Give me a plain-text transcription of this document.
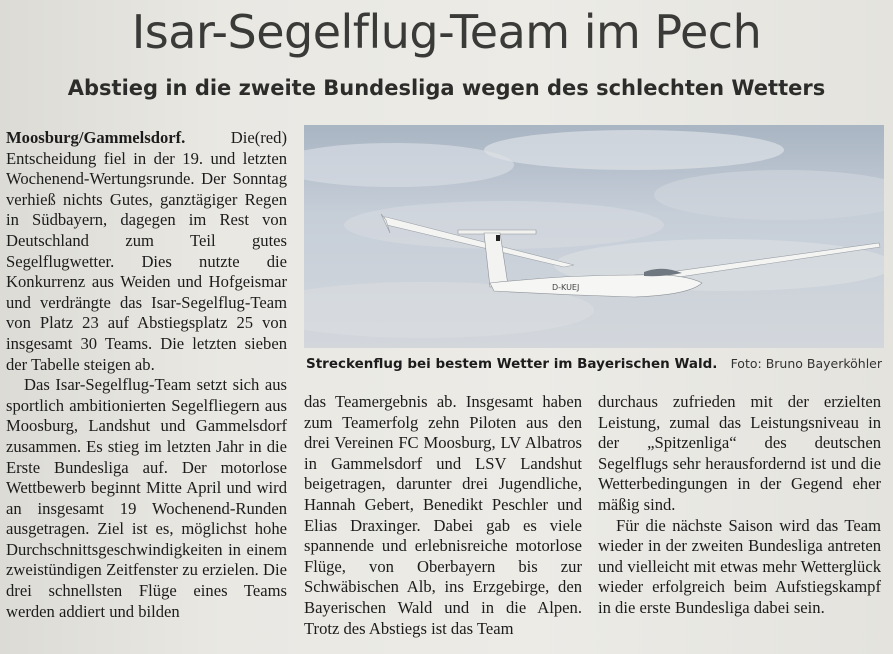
Isar-Segelflug-Team im Pech
Abstieg in die zweite Bundesliga wegen des schlechten Wetters

Moosburg/Gammelsdorf.	(red)
Die Entscheidung fiel in der 19. und letzten Wochenend-Wertungsrunde. Der Sonntag verhieß nichts Gutes, ganztägiger Regen in Südbayern, dagegen im Rest von Deutschland zum Teil gutes Segelflugwetter. Dies nutzte die Konkurrenz aus Weiden und Hofgeismar und verdrängte das Isar-Segelflug-Team von Platz 23 auf Abstiegsplatz 25 von insgesamt 30 Teams. Die letzten sieben der Tabelle steigen ab.

Das Isar-Segelflug-Team setzt sich aus sportlich ambitionierten Segelfliegern aus Moosburg, Landshut und Gammelsdorf zusammen. Es stieg im letzten Jahr in die Erste Bundesliga auf. Der motorlose Wettbewerb beginnt Mitte April und wird an insgesamt 19 Wochenend-Runden ausgetragen. Ziel ist es, möglichst hohe Durchschnittsgeschwindigkeiten in einem zweistündigen Zeitfenster zu erzielen. Die drei schnellsten Flüge eines Teams werden addiert und bilden

D-KUEJ
Streckenflug bei bestem Wetter im Bayerischen Wald. Foto: Bruno Bayerköhler

das Teamergebnis ab. Insgesamt haben zum Teamerfolg zehn Piloten aus den drei Vereinen FC Moosburg, LV Albatros in Gammelsdorf und LSV Landshut beigetragen, darunter drei Jugendliche, Hannah Gebert, Benedikt Peschler und Elias Draxinger. Dabei gab es viele spannende und erlebnisreiche motorlose Flüge, von Oberbayern bis zur Schwäbischen Alb, ins Erzgebirge, den Bayerischen Wald und in die Alpen. Trotz des Abstiegs ist das Team

durchaus zufrieden mit der erzielten Leistung, zumal das Leistungsniveau in der „Spitzenliga“ des deutschen Segelflugs sehr herausfordernd ist und die Wetterbedingungen in der Gegend eher mäßig sind.

Für die nächste Saison wird das Team wieder in der zweiten Bundesliga antreten und vielleicht mit etwas mehr Wetterglück wieder erfolgreich beim Aufstiegskampf in die erste Bundesliga dabei sein.
